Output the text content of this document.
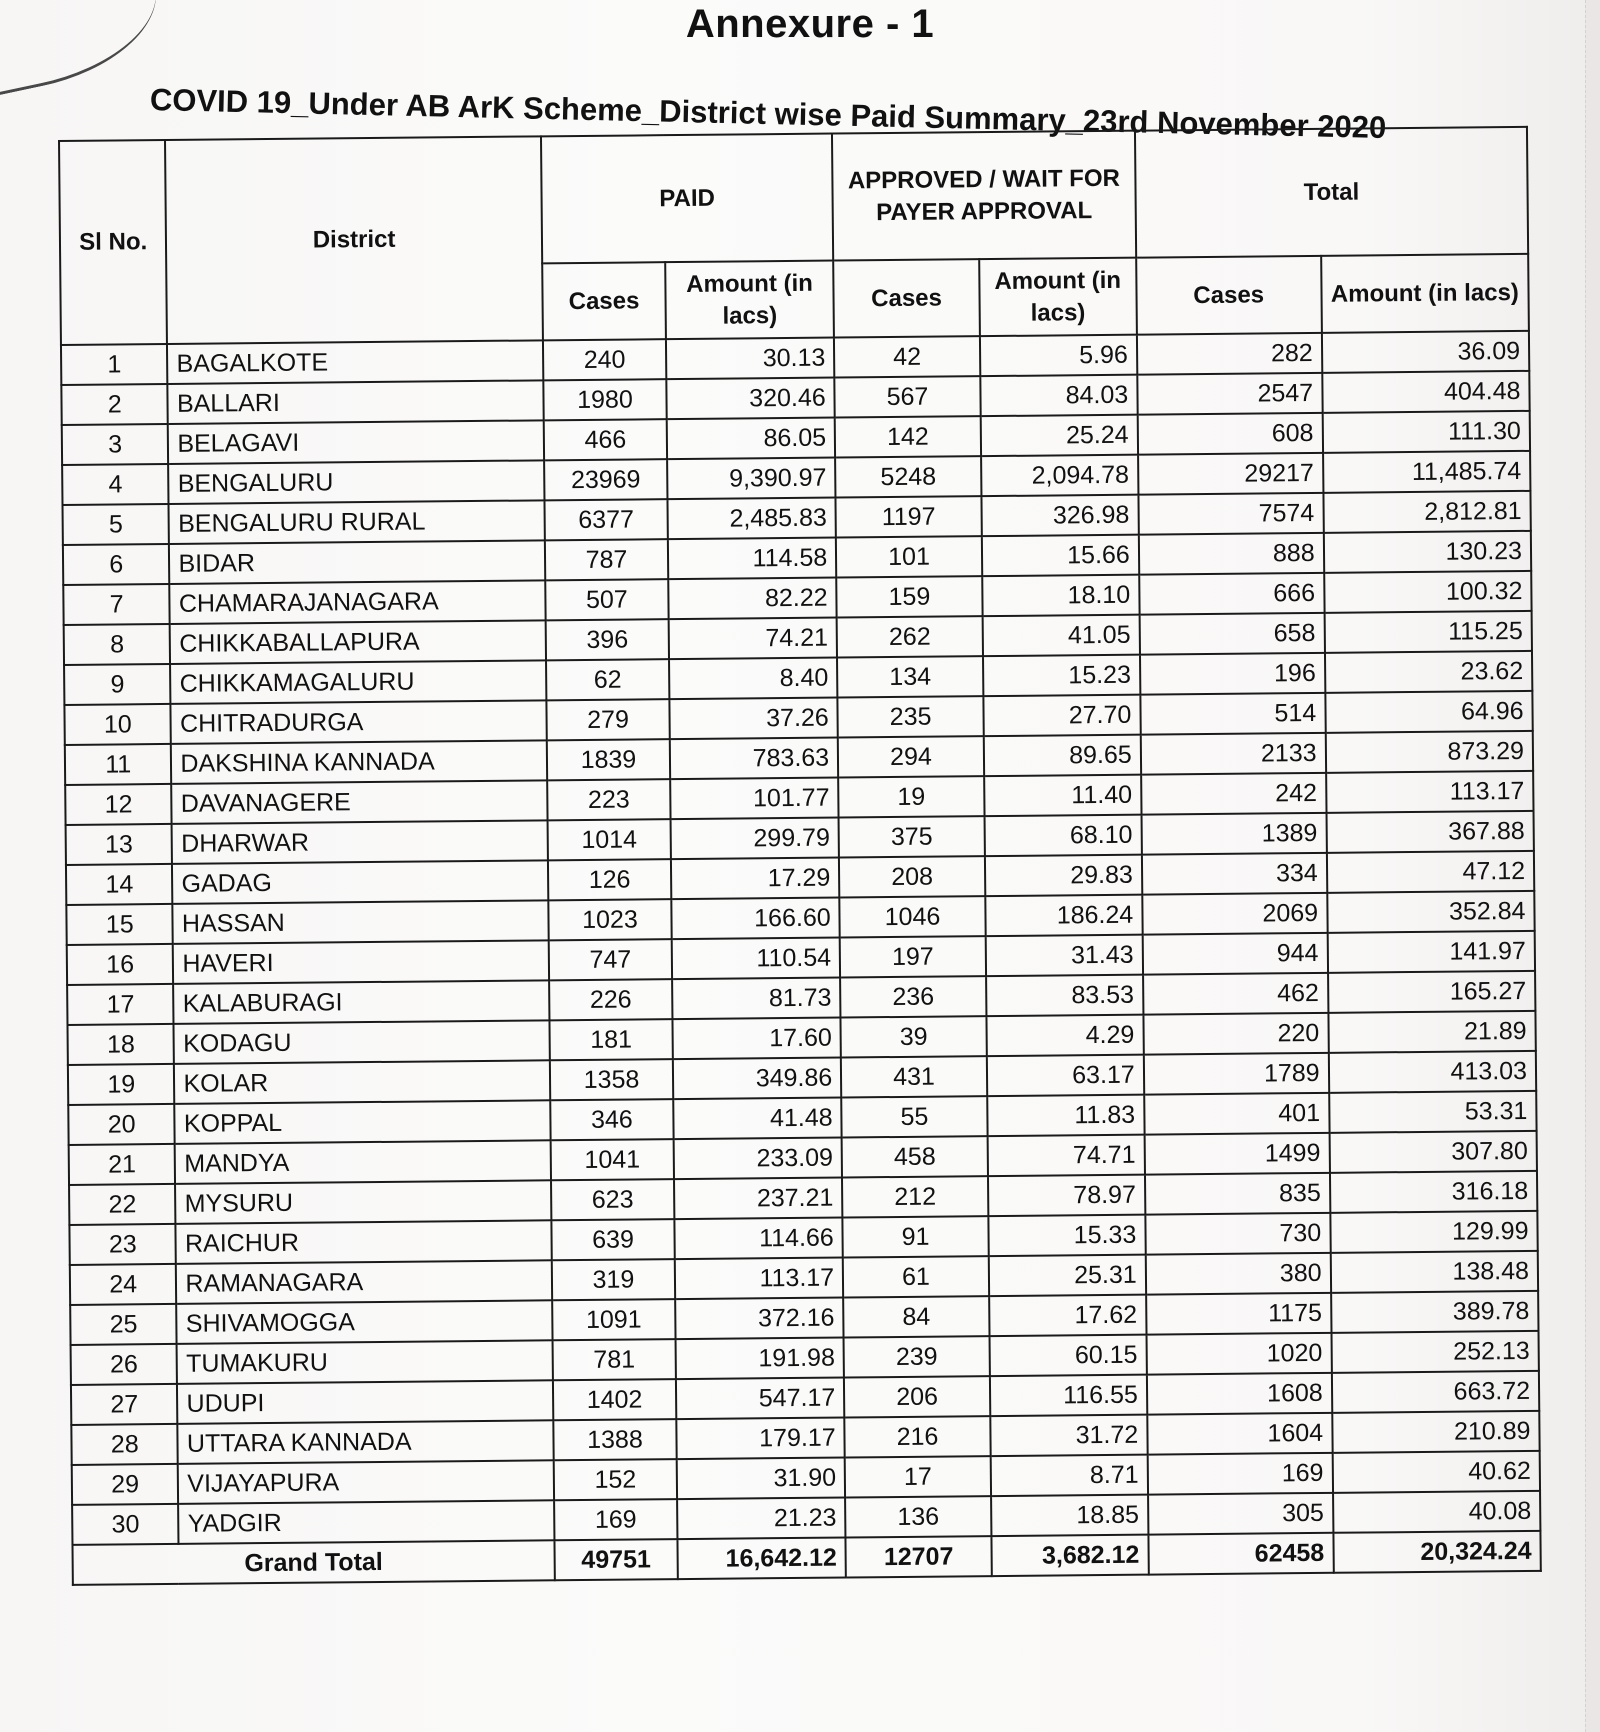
Annexure - 1
COVID 19_Under AB ArK Scheme_District wise Paid Summary_23rd November 2020
Sl No.	District	PAID		APPROVED / WAIT FOR PAYER APPROVAL		Total	
		Cases	Amount (in lacs)	Cases	Amount (in lacs)	Cases	Amount (in lacs)
1	BAGALKOTE	240	30.13	42	5.96	282	36.09
2	BALLARI	1980	320.46	567	84.03	2547	404.48
3	BELAGAVI	466	86.05	142	25.24	608	111.30
4	BENGALURU	23969	9,390.97	5248	2,094.78	29217	11,485.74
5	BENGALURU RURAL	6377	2,485.83	1197	326.98	7574	2,812.81
6	BIDAR	787	114.58	101	15.66	888	130.23
7	CHAMARAJANAGARA	507	82.22	159	18.10	666	100.32
8	CHIKKABALLAPURA	396	74.21	262	41.05	658	115.25
9	CHIKKAMAGALURU	62	8.40	134	15.23	196	23.62
10	CHITRADURGA	279	37.26	235	27.70	514	64.96
11	DAKSHINA KANNADA	1839	783.63	294	89.65	2133	873.29
12	DAVANAGERE	223	101.77	19	11.40	242	113.17
13	DHARWAR	1014	299.79	375	68.10	1389	367.88
14	GADAG	126	17.29	208	29.83	334	47.12
15	HASSAN	1023	166.60	1046	186.24	2069	352.84
16	HAVERI	747	110.54	197	31.43	944	141.97
17	KALABURAGI	226	81.73	236	83.53	462	165.27
18	KODAGU	181	17.60	39	4.29	220	21.89
19	KOLAR	1358	349.86	431	63.17	1789	413.03
20	KOPPAL	346	41.48	55	11.83	401	53.31
21	MANDYA	1041	233.09	458	74.71	1499	307.80
22	MYSURU	623	237.21	212	78.97	835	316.18
23	RAICHUR	639	114.66	91	15.33	730	129.99
24	RAMANAGARA	319	113.17	61	25.31	380	138.48
25	SHIVAMOGGA	1091	372.16	84	17.62	1175	389.78
26	TUMAKURU	781	191.98	239	60.15	1020	252.13
27	UDUPI	1402	547.17	206	116.55	1608	663.72
28	UTTARA KANNADA	1388	179.17	216	31.72	1604	210.89
29	VIJAYAPURA	152	31.90	17	8.71	169	40.62
30	YADGIR	169	21.23	136	18.85	305	40.08
Grand Total		49751	16,642.12	12707	3,682.12	62458	20,324.24
